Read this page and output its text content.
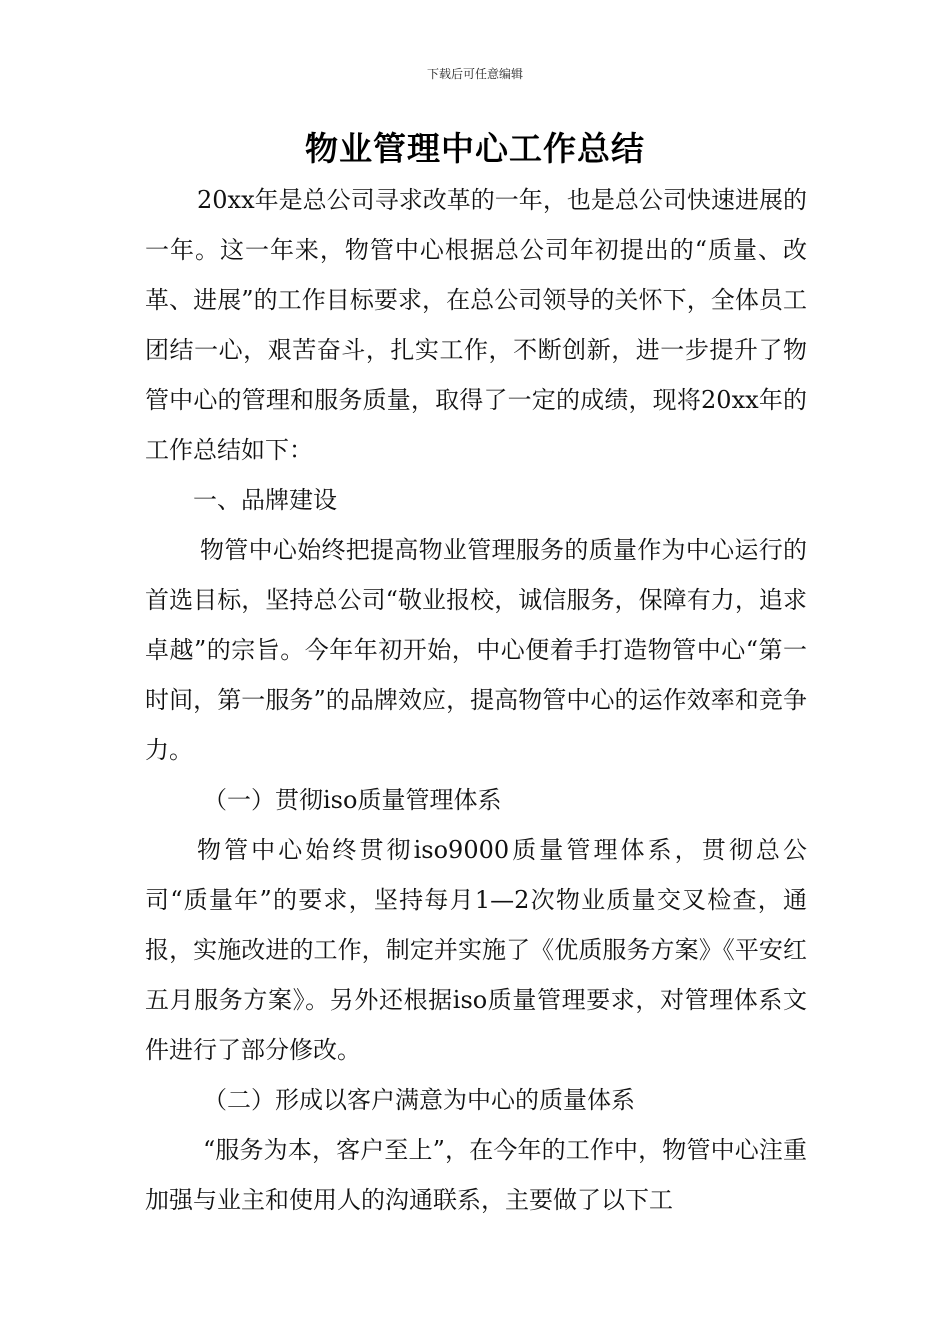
下载后可任意编辑
物业管理中心工作总结

20xx年是总公司寻求改革的一年，也是总公司快速进展的一年。这一年来，物管中心根据总公司年初提出的“质量、改革、进展”的工作目标要求，在总公司领导的关怀下，全体员工团结一心，艰苦奋斗，扎实工作，不断创新，进一步提升了物管中心的管理和服务质量，取得了一定的成绩，现将20xx年的工作总结如下：

一、品牌建设

物管中心始终把提高物业管理服务的质量作为中心运行的首选目标，坚持总公司“敬业报校，诚信服务，保障有力，追求卓越”的宗旨。今年年初开始，中心便着手打造物管中心“第一时间，第一服务”的品牌效应，提高物管中心的运作效率和竞争力。

（一）贯彻iso质量管理体系

物管中心始终贯彻iso9000质量管理体系，贯彻总公司“质量年”的要求，坚持每月1—2次物业质量交叉检查，通报，实施改进的工作，制定并实施了《优质服务方案》《平安红五月服务方案》。另外还根据iso质量管理要求，对管理体系文件进行了部分修改。

（二）形成以客户满意为中心的质量体系

“服务为本，客户至上”，在今年的工作中，物管中心注重加强与业主和使用人的沟通联系，主要做了以下工
